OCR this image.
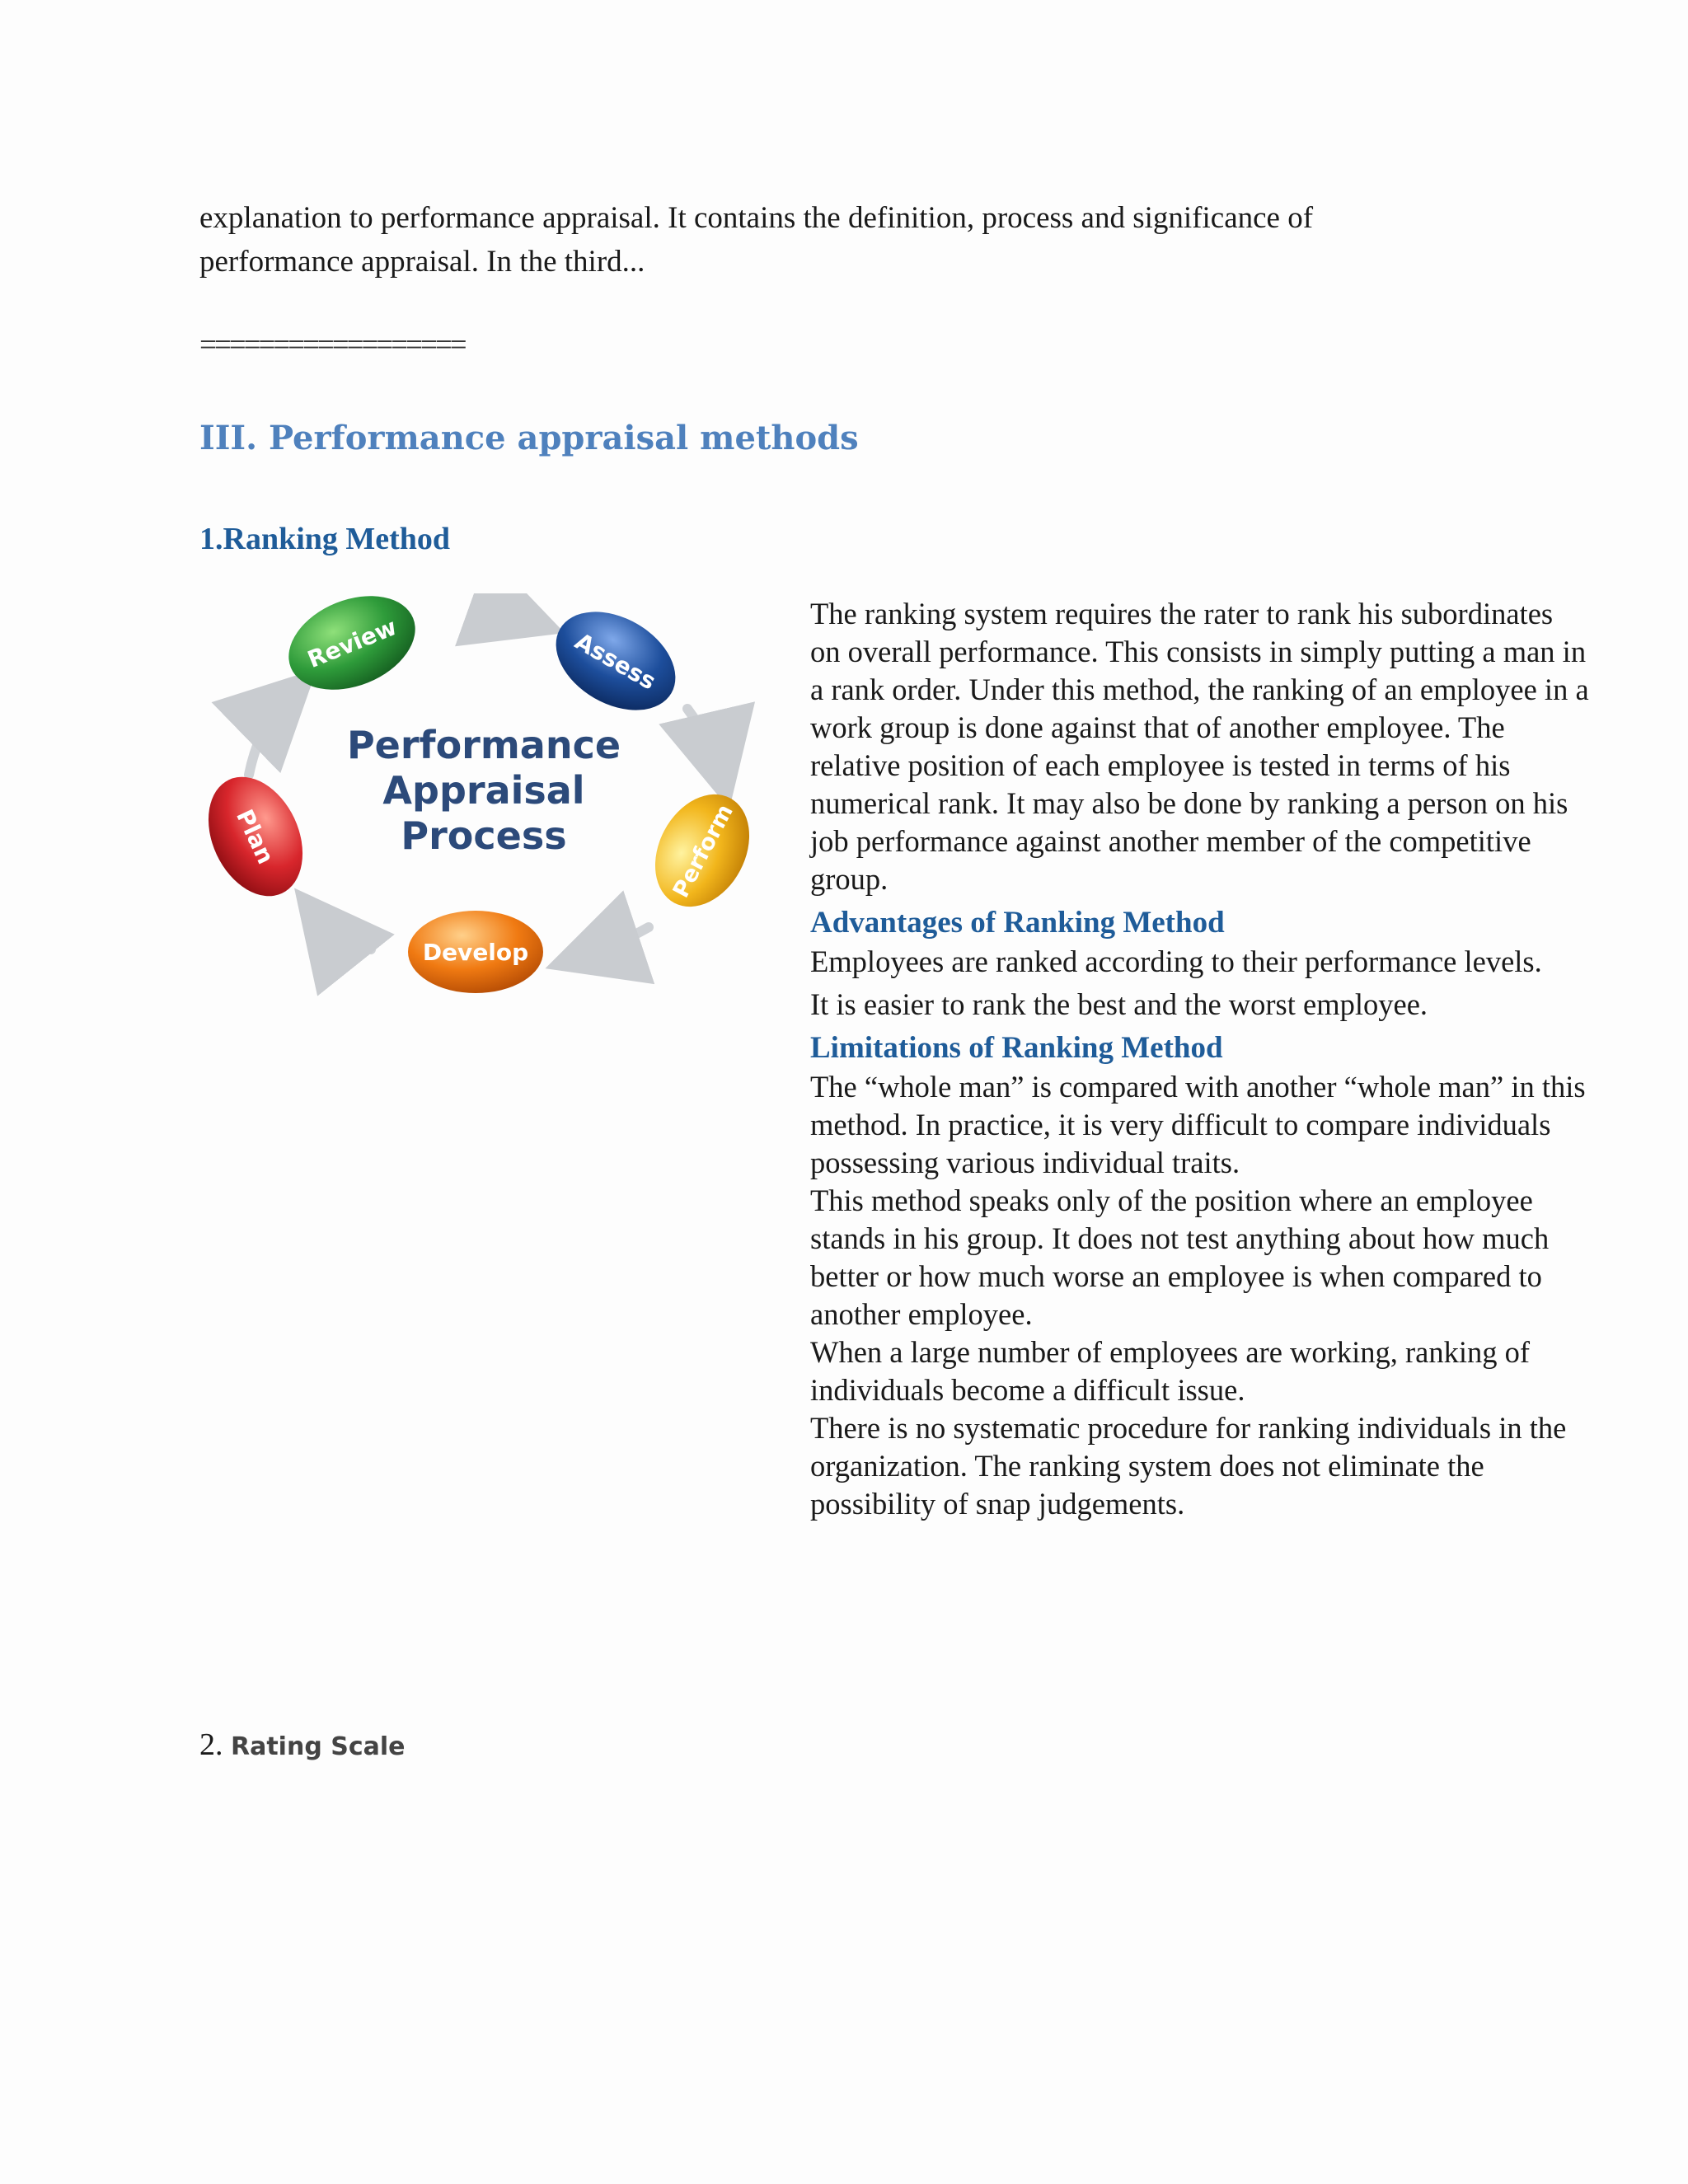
explanation to performance appraisal. It contains the definition, process and significance of
performance appraisal. In the third...
==================
III. Performance appraisal methods
1.Ranking Method
Performance
Appraisal
Process
Review	Assess
Perform
Develop
Plan

The ranking system requires the rater to rank his subordinates on overall performance. This consists in simply putting a man in a rank order. Under this method, the ranking of an employee in a work group is done against that of another employee. The relative position of each employee is tested in terms of his numerical rank. It may also be done by ranking a person on his job performance against another member of the competitive group.

Advantages of Ranking Method

Employees are ranked according to their performance levels.

It is easier to rank the best and the worst employee.

Limitations of Ranking Method

The “whole man” is compared with another “whole man” in this method. In practice, it is very difficult to compare individuals possessing various individual traits.

This method speaks only of the position where an employee stands in his group. It does not test anything about how much better or how much worse an employee is when compared to another employee.

When a large number of employees are working, ranking of individuals become a difficult issue.

There is no systematic procedure for ranking individuals in the organization. The ranking system does not eliminate the possibility of snap judgements.

2. Rating Scale
